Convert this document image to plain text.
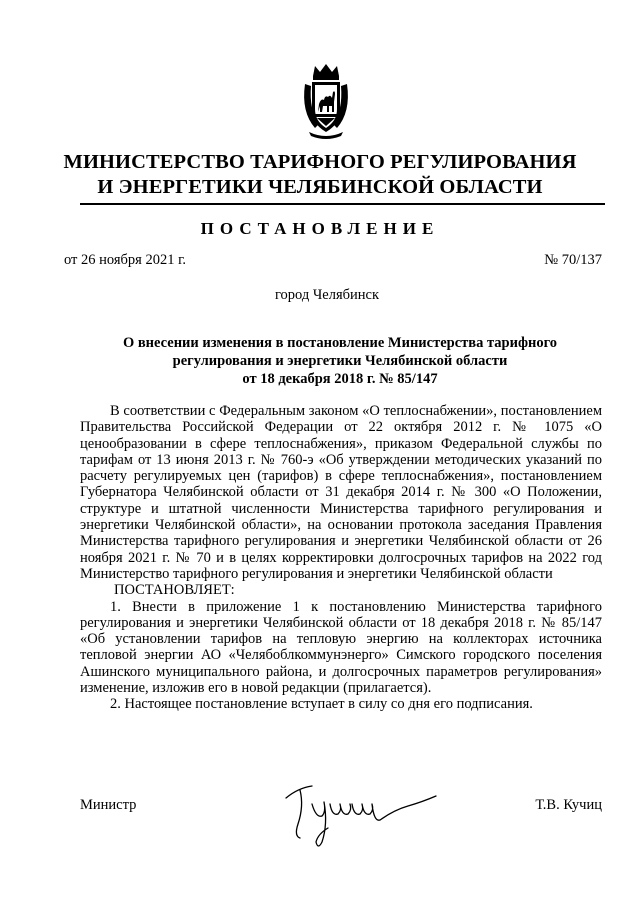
МИНИСТЕРСТВО ТАРИФНОГО РЕГУЛИРОВАНИЯ
И ЭНЕРГЕТИКИ ЧЕЛЯБИНСКОЙ ОБЛАСТИ
ПОСТАНОВЛЕНИЕ
от 26 ноября 2021 г.	№ 70/137
город Челябинск
О внесении изменения в постановление Министерства тарифного
регулирования и энергетики Челябинской области
от 18 декабря 2018 г. № 85/147

В соответствии с Федеральным законом «О теплоснабжении», постановлением Правительства Российской Федерации от 22 октября 2012 г. № 1075 «О ценообразовании в сфере теплоснабжения», приказом Федеральной службы по тарифам от 13 июня 2013 г. № 760-э «Об утверждении методических указаний по расчету регулируемых цен (тарифов) в сфере теплоснабжения», постановлением Губернатора Челябинской области от 31 декабря 2014 г. № 300 «О Положении, структуре и штатной численности Министерства тарифного регулирования и энергетики Челябинской области», на основании протокола заседания Правления Министерства тарифного регулирования и энергетики Челябинской области от 26 ноября 2021 г. № 70 и в целях корректировки долгосрочных тарифов на 2022 год Министерство тарифного регулирования и энергетики Челябинской области

ПОСТАНОВЛЯЕТ:

1. Внести в приложение 1 к постановлению Министерства тарифного регулирования и энергетики Челябинской области от 18 декабря 2018 г. № 85/147 «Об установлении тарифов на тепловую энергию на коллекторах источника тепловой энергии АО «Челябоблкоммунэнерго» Симского городского поселения Ашинского муниципального района, и долгосрочных параметров регулирования» изменение, изложив его в новой редакции (прилагается).

2. Настоящее постановление вступает в силу со дня его подписания.

Министр	Т.В. Кучиц
